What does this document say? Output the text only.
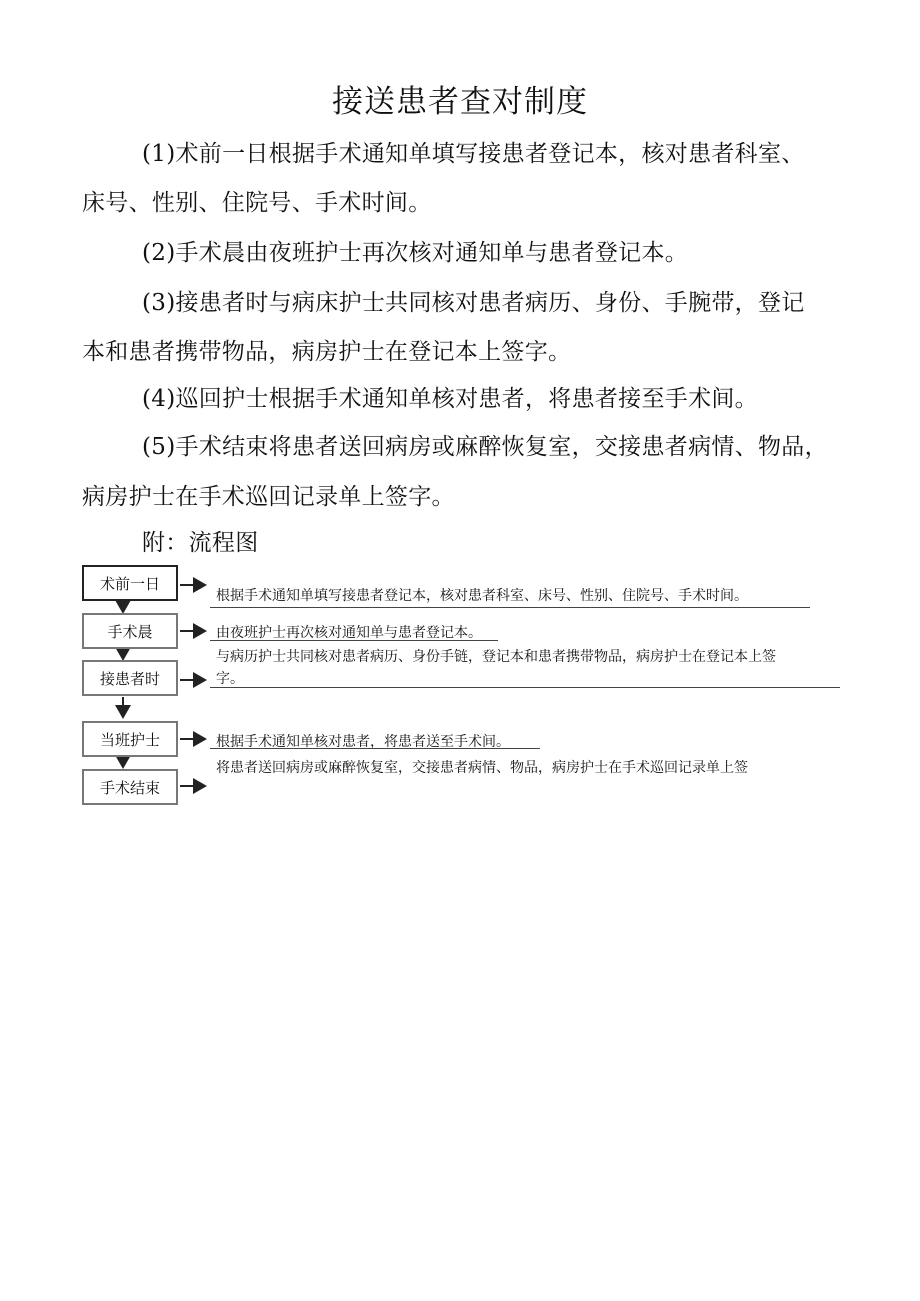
接送患者查对制度
(1)术前一日根据手术通知单填写接患者登记本，核对患者科室、
床号、性别、住院号、手术时间。
(2)手术晨由夜班护士再次核对通知单与患者登记本。
(3)接患者时与病床护士共同核对患者病历、身份、手腕带，登记
本和患者携带物品，病房护士在登记本上签字。
(4)巡回护士根据手术通知单核对患者，将患者接至手术间。
(5)手术结束将患者送回病房或麻醉恢复室，交接患者病情、物品，
病房护士在手术巡回记录单上签字。
附：流程图
术前一日
手术晨
接患者时
当班护士
手术结束
根据手术通知单填写接患者登记本，核对患者科室、床号、性别、住院号、手术时间。
由夜班护士再次核对通知单与患者登记本。
与病历护士共同核对患者病历、身份手链，登记本和患者携带物品，病房护士在登记本上签
字。
根据手术通知单核对患者，将患者送至手术间。
将患者送回病房或麻醉恢复室，交接患者病情、物品，病房护士在手术巡回记录单上签
